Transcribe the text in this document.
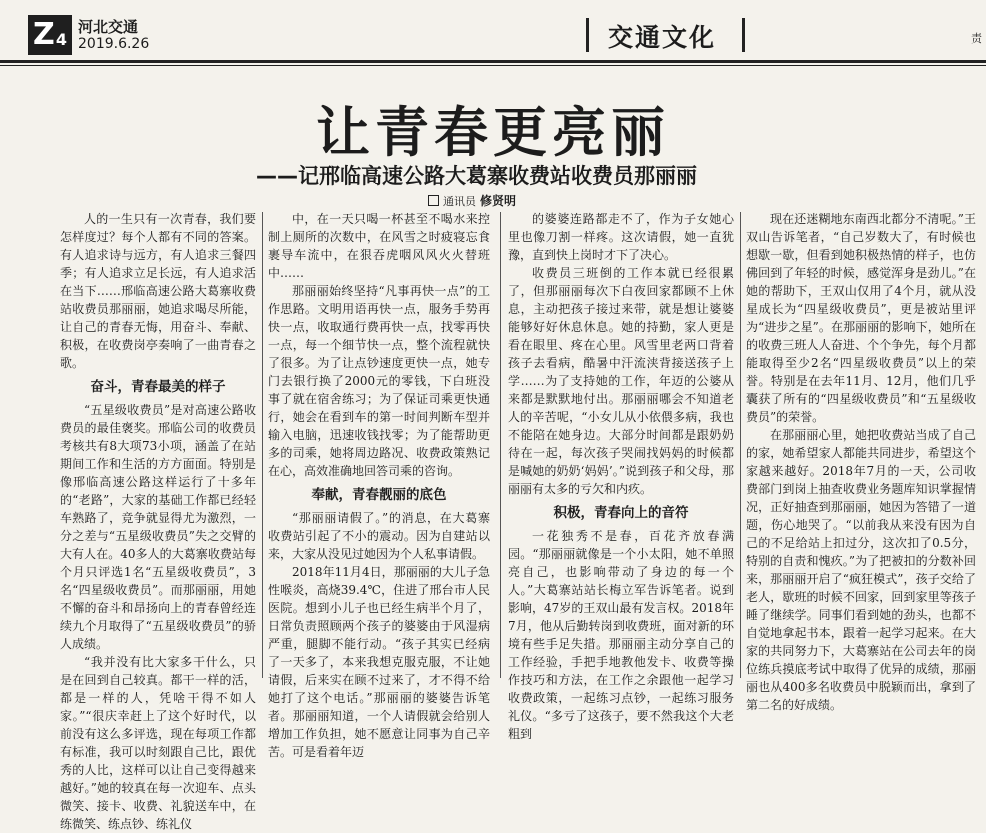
Z 4
河北交通
2019.6.26	交通文化	责
让青春更亮丽
——记邢临高速公路大葛寨收费站收费员那丽丽
通讯员 修贤明

人的一生只有一次青春，我们要怎样度过？每个人都有不同的答案。有人追求诗与远方，有人追求三餐四季；有人追求立足长远，有人追求活在当下……邢临高速公路大葛寨收费站收费员那丽丽，她追求喝尽所能，让自己的青春无悔，用奋斗、奉献、积极，在收费岗亭奏响了一曲青春之歌。

奋斗，青春最美的样子

“五星级收费员”是对高速公路收费员的最佳褒奖。邢临公司的收费员考核共有8大项73小项，涵盖了在站期间工作和生活的方方面面。特别是像邢临高速公路这样运行了十多年的“老路”，大家的基础工作都已经轻车熟路了，竞争就显得尤为激烈，一分之差与“五星级收费员”失之交臂的大有人在。40多人的大葛寨收费站每个月只评选1名“五星级收费员”，3名“四星级收费员”。而那丽丽，用她不懈的奋斗和昂扬向上的青春曾经连续九个月取得了“五星级收费员”的骄人成绩。

“我并没有比大家多干什么，只是在回到自己较真。都干一样的活，都是一样的人，凭啥干得不如人家。”“很庆幸赶上了这个好时代，以前没有这么多评选，现在每项工作都有标准，我可以时刻跟自己比，跟优秀的人比，这样可以让自己变得越来越好。”她的较真在每一次迎车、点头微笑、接卡、收费、礼貌送车中，在练微笑、练点钞、练礼仪

中，在一天只喝一杯甚至不喝水来控制上厕所的次数中，在风雪之时疲寝忘食裹导车流中，在狠吞虎咽风风火火替班中……

那丽丽始终坚持“凡事再快一点”的工作思路。文明用语再快一点，服务手势再快一点，收取通行费再快一点，找零再快一点，每一个细节快一点，整个流程就快了很多。为了让点钞速度更快一点，她专门去银行换了2000元的零钱，下白班没事了就在宿舍练习；为了保证司乘更快通行，她会在看到车的第一时间判断车型并输入电脑，迅速收钱找零；为了能帮助更多的司乘，她将周边路况、收费政策熟记在心，高效准确地回答司乘的咨询。

奉献，青春靓丽的底色

“那丽丽请假了。”的消息，在大葛寨收费站引起了不小的震动。因为自建站以来，大家从没见过她因为个人私事请假。

2018年11月4日，那丽丽的大儿子急性喉炎，高烧39.4℃，住进了邢台市人民医院。想到小儿子也已经生病半个月了，日常负责照顾两个孩子的婆婆由于风湿病严重，腿脚不能行动。“孩子其实已经病了一天多了，本来我想克服克服，不让她请假，后来实在顾不过来了，才不得不给她打了这个电话。”那丽丽的婆婆告诉笔者。那丽丽知道，一个人请假就会给别人增加工作负担，她不愿意让同事为自己辛苦。可是看着年迈

的婆婆连路都走不了，作为子女她心里也像刀割一样疼。这次请假，她一直犹豫，直到快上岗时才下了决心。

收费员三班倒的工作本就已经很累了，但那丽丽每次下白夜回家都顾不上休息，主动把孩子接过来带，就是想让婆婆能够好好休息休息。她的持勤，家人更是看在眼里、疼在心里。风雪里老两口背着孩子去看病，酷暑中汗流浃背接送孩子上学……为了支持她的工作，年迈的公婆从来都是默默地付出。那丽丽哪会不知道老人的辛苦呢，“小女儿从小依偎多病，我也不能陪在她身边。大部分时间都是跟奶奶待在一起，每次孩子哭闹找妈妈的时候都是喊她的奶奶‘妈妈’。”说到孩子和父母，那丽丽有太多的亏欠和内疚。

积极，青春向上的音符

一花独秀不是春，百花齐放春满园。“那丽丽就像是一个小太阳，她不单照亮自己，也影响带动了身边的每一个人。”大葛寨站站长梅立军告诉笔者。说到影响，47岁的王双山最有发言权。2018年7月，他从后勤转岗到收费班，面对新的环境有些手足失措。那丽丽主动分享自己的工作经验，手把手地教他发卡、收费等操作技巧和方法，在工作之余跟他一起学习收费政策，一起练习点钞，一起练习服务礼仪。“多亏了这孩子，要不然我这个大老粗到

现在还迷糊地东南西北都分不清呢。”王双山告诉笔者，“自己岁数大了，有时候也想歇一歇，但看到她积极热情的样子，也仿佛回到了年轻的时候，感觉浑身是劲儿。”在她的帮助下，王双山仅用了4个月，就从没星成长为“四星级收费员”，更是被站里评为“进步之星”。在那丽丽的影响下，她所在的收费三班人人奋进、个个争先，每个月都能取得至少2名“四星级收费员”以上的荣誉。特别是在去年11月、12月，他们几乎囊获了所有的“四星级收费员”和“五星级收费员”的荣誉。

在那丽丽心里，她把收费站当成了自己的家，她希望家人都能共同进步，希望这个家越来越好。2018年7月的一天，公司收费部门到岗上抽查收费业务题库知识掌握情况，正好抽查到那丽丽，她因为答错了一道题，伤心地哭了。“以前我从来没有因为自己的不足给站上扣过分，这次扣了0.5分，特别的自责和愧疚。”为了把被扣的分数补回来，那丽丽开启了“疯狂模式”，孩子交给了老人，歇班的时候不回家，回到家里等孩子睡了继续学。同事们看到她的劲头，也都不自觉地拿起书本，跟着一起学习起来。在大家的共同努力下，大葛寨站在公司去年的岗位练兵摸底考试中取得了优异的成绩，那丽丽也从400多名收费员中脱颖而出，拿到了第二名的好成绩。
